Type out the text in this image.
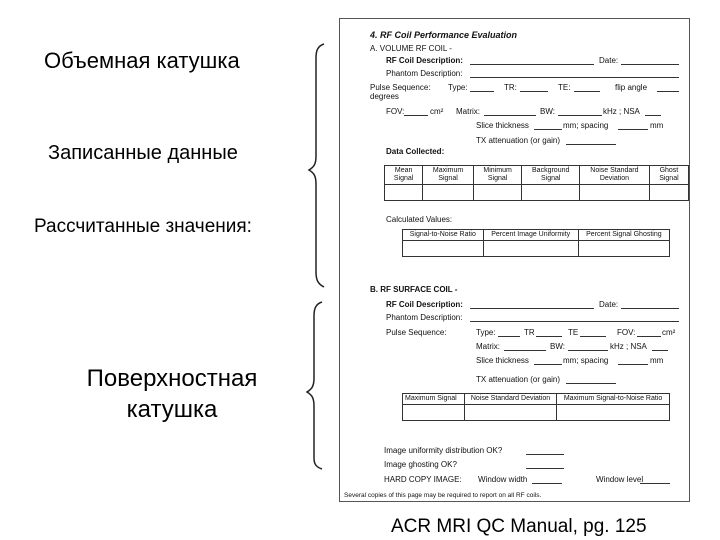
Объемная катушка
Записанные данные
Рассчитанные значения:
Поверхностная
катушка
4. RF Coil Performance Evaluation
A. VOLUME RF COIL -
RF Coil Description:	Date:
Phantom Description:
Pulse Sequence: Type:	TR:	TE:	flip angle
degrees
FOV:	cm² Matrix:	BW:	kHz ; NSA
Slice thickness	mm; spacing	mm
TX attenuation (or gain)
Data Collected:
Mean Signal	Maximum Signal	Minimum Signal	Background Signal	Noise Standard Deviation	Ghost Signal

Calculated Values:
Signal-to-Noise Ratio	Percent Image Uniformity	Percent Signal Ghosting

B. RF SURFACE COIL -
RF Coil Description:	Date:
Phantom Description:
Pulse Sequence:	Type:	TR	TE	FOV:	cm²
Matrix:	BW:	kHz ; NSA
Slice thickness	mm; spacing	mm
TX attenuation (or gain)
Maximum Signal	Noise Standard Deviation	Maximum Signal-to-Noise Ratio

Image uniformity distribution OK?
Image ghosting OK?
HARD COPY IMAGE: Window width	Window level
Several copies of this page may be required to report on all RF coils.
ACR MRI QC Manual, pg. 125
